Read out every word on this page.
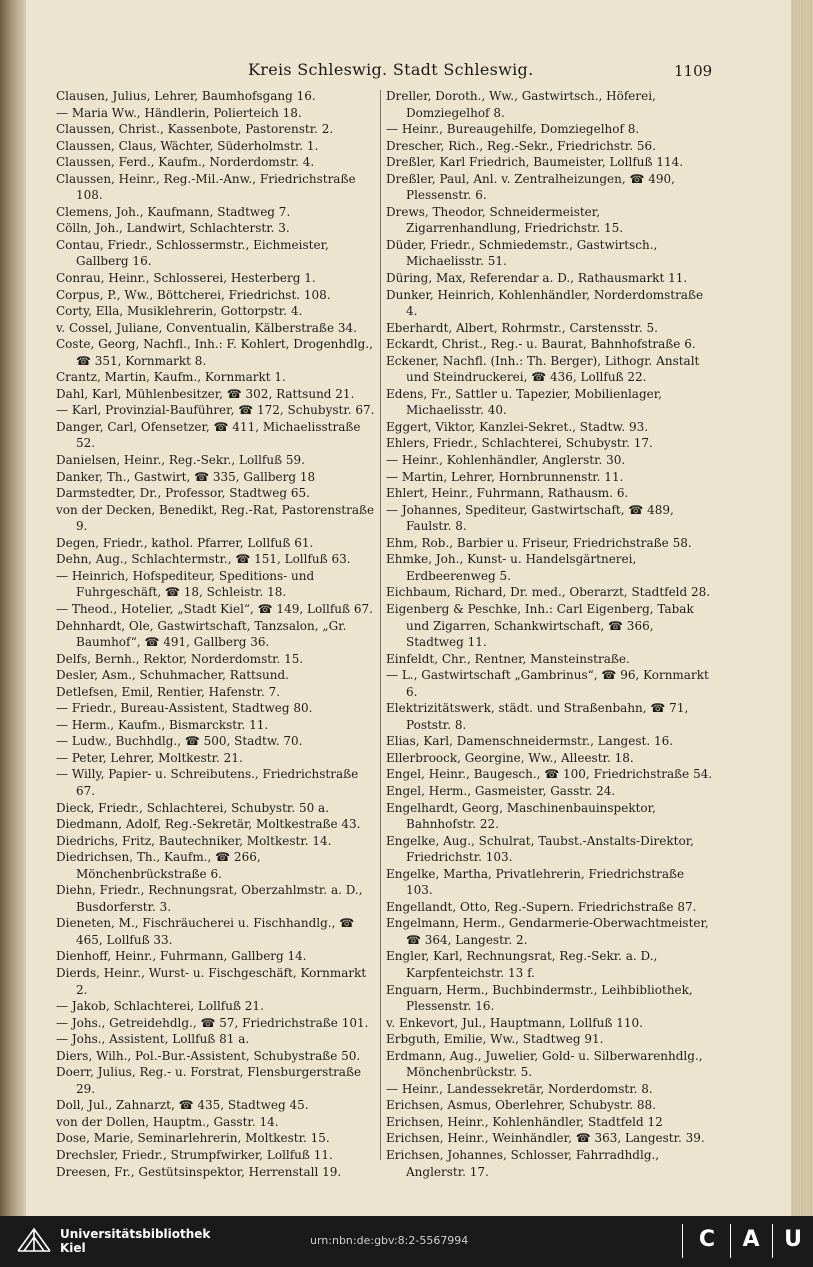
Kreis Schleswig. Stadt Schleswig.	1109
Clausen, Julius, Lehrer, Baumhofsgang 16.
— Maria Ww., Händlerin, Polierteich 18.
Claussen, Christ., Kassenbote, Pastorenstr. 2.
Claussen, Claus, Wächter, Süderholmstr. 1.
Claussen, Ferd., Kaufm., Norderdomstr. 4.
Claussen, Heinr., Reg.-Mil.-Anw., Friedrichstraße 108.
Clemens, Joh., Kaufmann, Stadtweg 7.
Cölln, Joh., Landwirt, Schlachterstr. 3.
Contau, Friedr., Schlossermstr., Eichmeister, Gallberg 16.
Conrau, Heinr., Schlosserei, Hesterberg 1.
Corpus, P., Ww., Böttcherei, Friedrichst. 108.
Corty, Ella, Musiklehrerin, Gottorpstr. 4.
v. Cossel, Juliane, Conventualin, Kälberstraße 34.
Coste, Georg, Nachfl., Inh.: F. Kohlert, Drogenhdlg., ☎ 351, Kornmarkt 8.
Crantz, Martin, Kaufm., Kornmarkt 1.
Dahl, Karl, Mühlenbesitzer, ☎ 302, Rattsund 21.
— Karl, Provinzial-Bauführer, ☎ 172, Schubystr. 67.
Danger, Carl, Ofensetzer, ☎ 411, Michaelisstraße 52.
Danielsen, Heinr., Reg.-Sekr., Lollfuß 59.
Danker, Th., Gastwirt, ☎ 335, Gallberg 18
Darmstedter, Dr., Professor, Stadtweg 65.
von der Decken, Benedikt, Reg.-Rat, Pastorenstraße 9.
Degen, Friedr., kathol. Pfarrer, Lollfuß 61.
Dehn, Aug., Schlachtermstr., ☎ 151, Lollfuß 63.
— Heinrich, Hofspediteur, Speditions- und Fuhrgeschäft, ☎ 18, Schleistr. 18.
— Theod., Hotelier, „Stadt Kiel“, ☎ 149, Lollfuß 67.
Dehnhardt, Ole, Gastwirtschaft, Tanzsalon, „Gr. Baumhof“, ☎ 491, Gallberg 36.
Delfs, Bernh., Rektor, Norderdomstr. 15.
Desler, Asm., Schuhmacher, Rattsund.
Detlefsen, Emil, Rentier, Hafenstr. 7.
— Friedr., Bureau-Assistent, Stadtweg 80.
— Herm., Kaufm., Bismarckstr. 11.
— Ludw., Buchhdlg., ☎ 500, Stadtw. 70.
— Peter, Lehrer, Moltkestr. 21.
— Willy, Papier- u. Schreibutens., Friedrichstraße 67.
Dieck, Friedr., Schlachterei, Schubystr. 50 a.
Diedmann, Adolf, Reg.-Sekretär, Moltkestraße 43.
Diedrichs, Fritz, Bautechniker, Moltkestr. 14.
Diedrichsen, Th., Kaufm., ☎ 266, Mönchenbrückstraße 6.
Diehn, Friedr., Rechnungsrat, Oberzahlmstr. a. D., Busdorferstr. 3.
Dieneten, M., Fischräucherei u. Fischhandlg., ☎ 465, Lollfuß 33.
Dienhoff, Heinr., Fuhrmann, Gallberg 14.
Dierds, Heinr., Wurst- u. Fischgeschäft, Kornmarkt 2.
— Jakob, Schlachterei, Lollfuß 21.
— Johs., Getreidehdlg., ☎ 57, Friedrichstraße 101.
— Johs., Assistent, Lollfuß 81 a.
Diers, Wilh., Pol.-Bur.-Assistent, Schubystraße 50.
Doerr, Julius, Reg.- u. Forstrat, Flensburgerstraße 29.
Doll, Jul., Zahnarzt, ☎ 435, Stadtweg 45.
von der Dollen, Hauptm., Gasstr. 14.
Dose, Marie, Seminarlehrerin, Moltkestr. 15.
Drechsler, Friedr., Strumpfwirker, Lollfuß 11.
Dreesen, Fr., Gestütsinspektor, Herrenstall 19.
Dreller, Doroth., Ww., Gastwirtsch., Höferei, Domziegelhof 8.
— Heinr., Bureaugehilfe, Domziegelhof 8.
Drescher, Rich., Reg.-Sekr., Friedrichstr. 56.
Dreßler, Karl Friedrich, Baumeister, Lollfuß 114.
Dreßler, Paul, Anl. v. Zentralheizungen, ☎ 490, Plessenstr. 6.
Drews, Theodor, Schneidermeister, Zigarrenhandlung, Friedrichstr. 15.
Düder, Friedr., Schmiedemstr., Gastwirtsch., Michaelisstr. 51.
Düring, Max, Referendar a. D., Rathausmarkt 11.
Dunker, Heinrich, Kohlenhändler, Norderdomstraße 4.
Eberhardt, Albert, Rohrmstr., Carstensstr. 5.
Eckardt, Christ., Reg.- u. Baurat, Bahnhofstraße 6.
Eckener, Nachfl. (Inh.: Th. Berger), Lithogr. Anstalt und Steindruckerei, ☎ 436, Lollfuß 22.
Edens, Fr., Sattler u. Tapezier, Mobilienlager, Michaelisstr. 40.
Eggert, Viktor, Kanzlei-Sekret., Stadtw. 93.
Ehlers, Friedr., Schlachterei, Schubystr. 17.
— Heinr., Kohlenhändler, Anglerstr. 30.
— Martin, Lehrer, Hornbrunnenstr. 11.
Ehlert, Heinr., Fuhrmann, Rathausm. 6.
— Johannes, Spediteur, Gastwirtschaft, ☎ 489, Faulstr. 8.
Ehm, Rob., Barbier u. Friseur, Friedrichstraße 58.
Ehmke, Joh., Kunst- u. Handelsgärtnerei, Erdbeerenweg 5.
Eichbaum, Richard, Dr. med., Oberarzt, Stadtfeld 28.
Eigenberg & Peschke, Inh.: Carl Eigenberg, Tabak und Zigarren, Schankwirtschaft, ☎ 366, Stadtweg 11.
Einfeldt, Chr., Rentner, Mansteinstraße.
— L., Gastwirtschaft „Gambrinus“, ☎ 96, Kornmarkt 6.
Elektrizitätswerk, städt. und Straßenbahn, ☎ 71, Poststr. 8.
Elias, Karl, Damenschneidermstr., Langest. 16.
Ellerbroock, Georgine, Ww., Alleestr. 18.
Engel, Heinr., Baugesch., ☎ 100, Friedrichstraße 54.
Engel, Herm., Gasmeister, Gasstr. 24.
Engelhardt, Georg, Maschinenbauinspektor, Bahnhofstr. 22.
Engelke, Aug., Schulrat, Taubst.-Anstalts-Direktor, Friedrichstr. 103.
Engelke, Martha, Privatlehrerin, Friedrichstraße 103.
Engellandt, Otto, Reg.-Supern. Friedrichstraße 87.
Engelmann, Herm., Gendarmerie-Oberwachtmeister, ☎ 364, Langestr. 2.
Engler, Karl, Rechnungsrat, Reg.-Sekr. a. D., Karpfenteichstr. 13 f.
Enguarn, Herm., Buchbindermstr., Leihbibliothek, Plessenstr. 16.
v. Enkevort, Jul., Hauptmann, Lollfuß 110.
Erbguth, Emilie, Ww., Stadtweg 91.
Erdmann, Aug., Juwelier, Gold- u. Silberwarenhdlg., Mönchenbrückstr. 5.
— Heinr., Landessekretär, Norderdomstr. 8.
Erichsen, Asmus, Oberlehrer, Schubystr. 88.
Erichsen, Heinr., Kohlenhändler, Stadtfeld 12
Erichsen, Heinr., Weinhändler, ☎ 363, Langestr. 39.
Erichsen, Johannes, Schlosser, Fahrradhdlg., Anglerstr. 17.
Universitätsbibliothek
Kiel
urn:nbn:de:gbv:8:2-5567994	C	A U
